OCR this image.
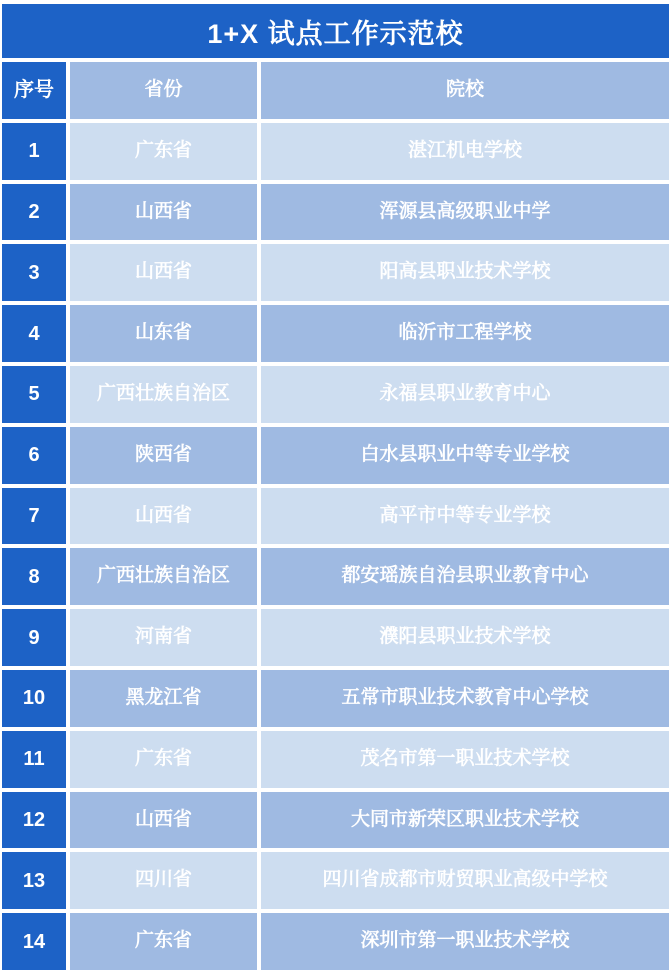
1+X 试点工作示范校
序号	省份	院校
1	广东省	湛江机电学校
2	山西省	浑源县高级职业中学
3	山西省	阳高县职业技术学校
4	山东省	临沂市工程学校
5	广西壮族自治区	永福县职业教育中心
6	陕西省	白水县职业中等专业学校
7	山西省	高平市中等专业学校
8	广西壮族自治区	都安瑶族自治县职业教育中心
9	河南省	濮阳县职业技术学校
10	黑龙江省	五常市职业技术教育中心学校
11	广东省	茂名市第一职业技术学校
12	山西省	大同市新荣区职业技术学校
13	四川省	四川省成都市财贸职业高级中学校
14	广东省	深圳市第一职业技术学校
